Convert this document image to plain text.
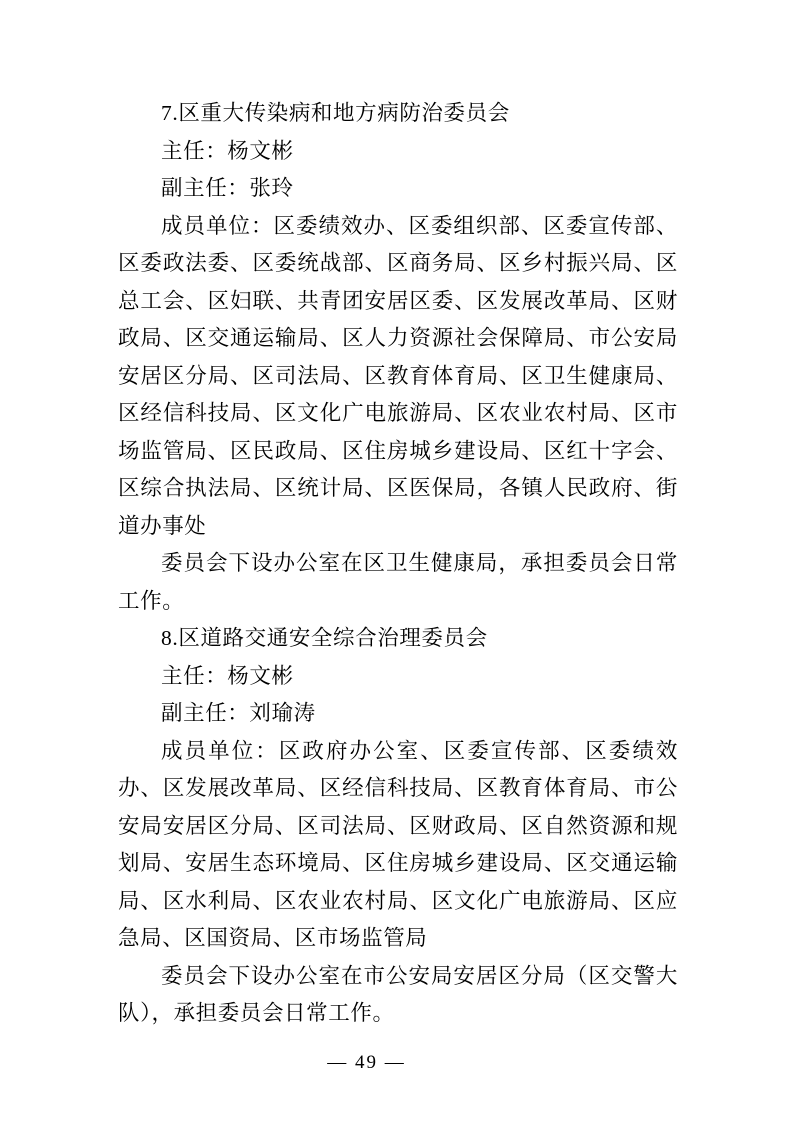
7.区重大传染病和地方病防治委员会

主任：杨文彬

副主任：张玲

成员单位：区委绩效办、区委组织部、区委宣传部、区委政法委、区委统战部、区商务局、区乡村振兴局、区总工会、区妇联、共青团安居区委、区发展改革局、区财政局、区交通运输局、区人力资源社会保障局、市公安局安居区分局、区司法局、区教育体育局、区卫生健康局、区经信科技局、区文化广电旅游局、区农业农村局、区市场监管局、区民政局、区住房城乡建设局、区红十字会、区综合执法局、区统计局、区医保局，各镇人民政府、街道办事处

委员会下设办公室在区卫生健康局，承担委员会日常工作。

8.区道路交通安全综合治理委员会

主任：杨文彬

副主任：刘瑜涛

成员单位：区政府办公室、区委宣传部、区委绩效办、区发展改革局、区经信科技局、区教育体育局、市公安局安居区分局、区司法局、区财政局、区自然资源和规划局、安居生态环境局、区住房城乡建设局、区交通运输局、区水利局、区农业农村局、区文化广电旅游局、区应急局、区国资局、区市场监管局

委员会下设办公室在市公安局安居区分局（区交警大队），承担委员会日常工作。

— 49 —
